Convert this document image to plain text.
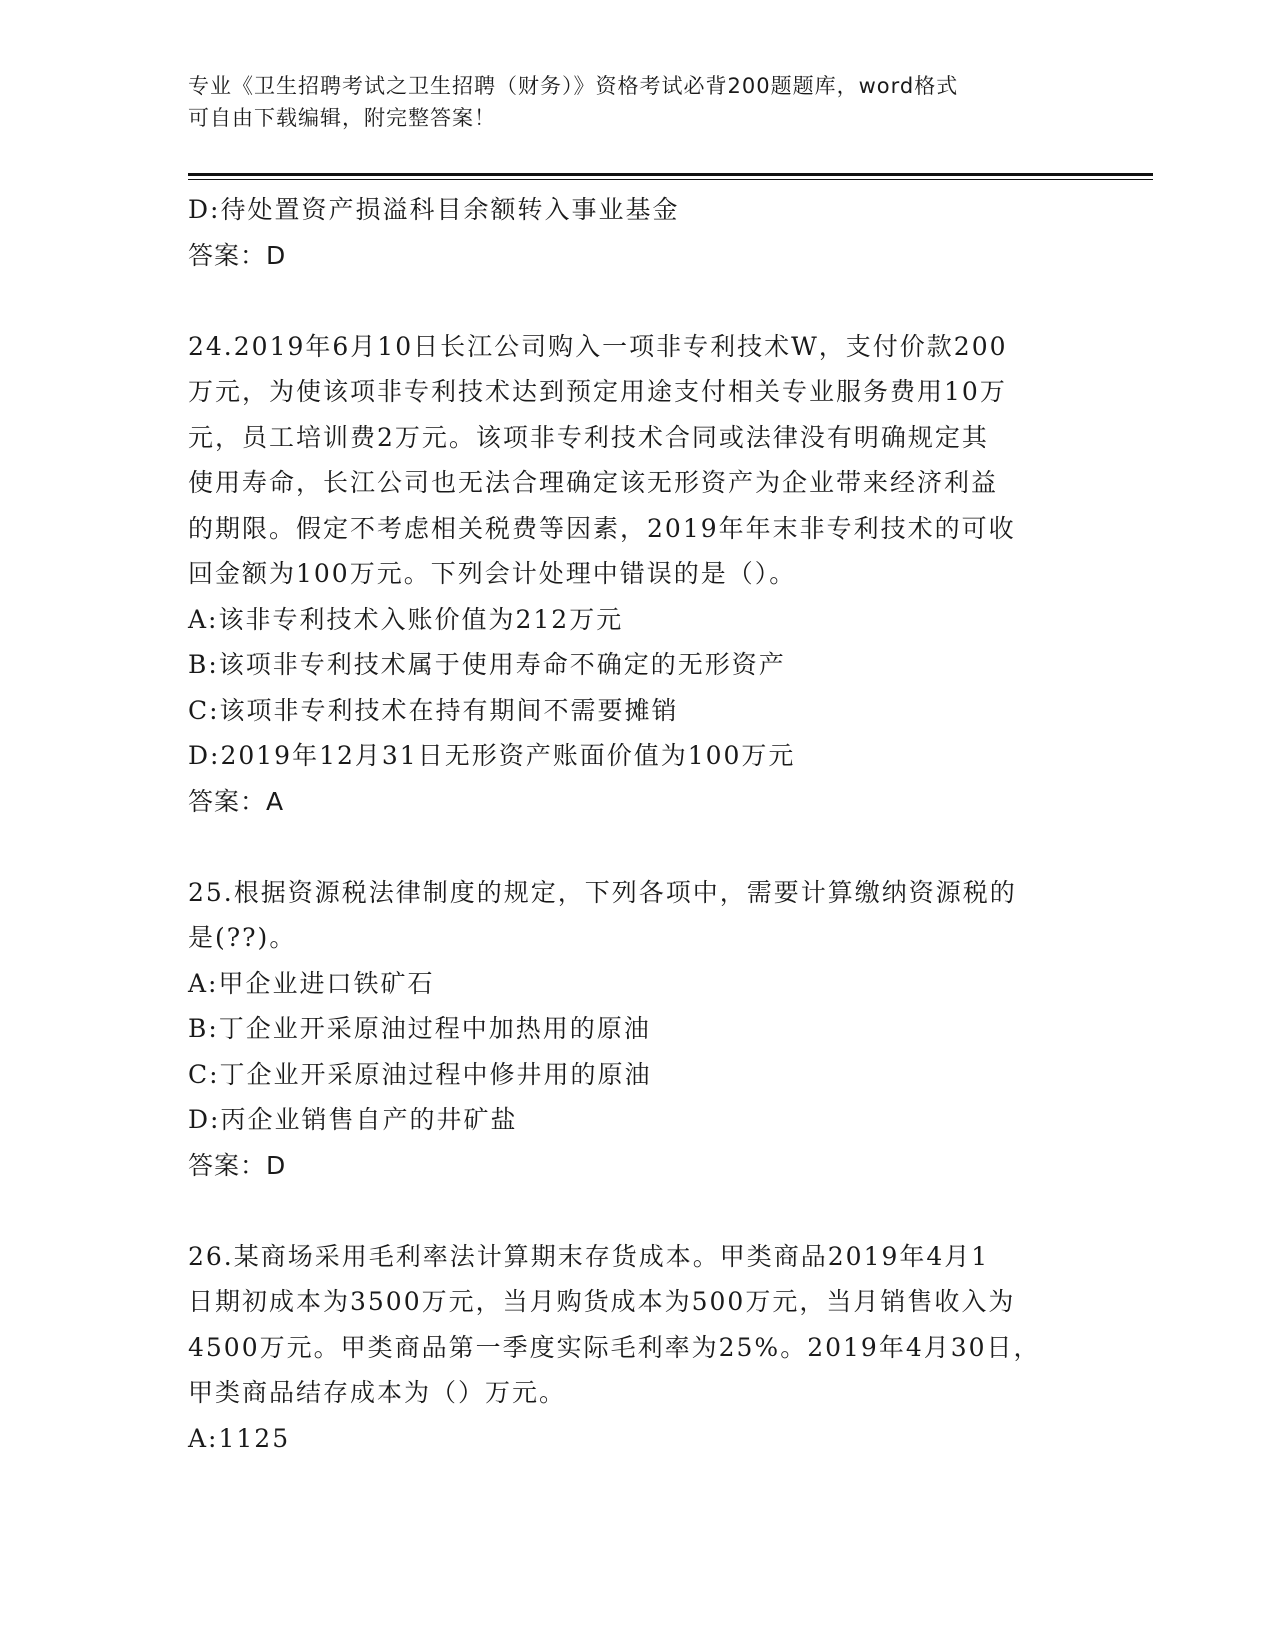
专业《卫生招聘考试之卫生招聘（财务）》资格考试必背200题题库，word格式
可自由下载编辑，附完整答案！
D:待处置资产损溢科目余额转入事业基金
答案：D
24.2019年6月10日长江公司购入一项非专利技术W，支付价款200
万元，为使该项非专利技术达到预定用途支付相关专业服务费用10万
元，员工培训费2万元。该项非专利技术合同或法律没有明确规定其
使用寿命，长江公司也无法合理确定该无形资产为企业带来经济利益
的期限。假定不考虑相关税费等因素，2019年年末非专利技术的可收
回金额为100万元。下列会计处理中错误的是（）。
A:该非专利技术入账价值为212万元
B:该项非专利技术属于使用寿命不确定的无形资产
C:该项非专利技术在持有期间不需要摊销
D:2019年12月31日无形资产账面价值为100万元
答案：A
25.根据资源税法律制度的规定，下列各项中，需要计算缴纳资源税的
是(??)。
A:甲企业进口铁矿石
B:丁企业开采原油过程中加热用的原油
C:丁企业开采原油过程中修井用的原油
D:丙企业销售自产的井矿盐
答案：D
26.某商场采用毛利率法计算期末存货成本。甲类商品2019年4月1
日期初成本为3500万元，当月购货成本为500万元，当月销售收入为
4500万元。甲类商品第一季度实际毛利率为25%。2019年4月30日，
甲类商品结存成本为（）万元。
A:1125
